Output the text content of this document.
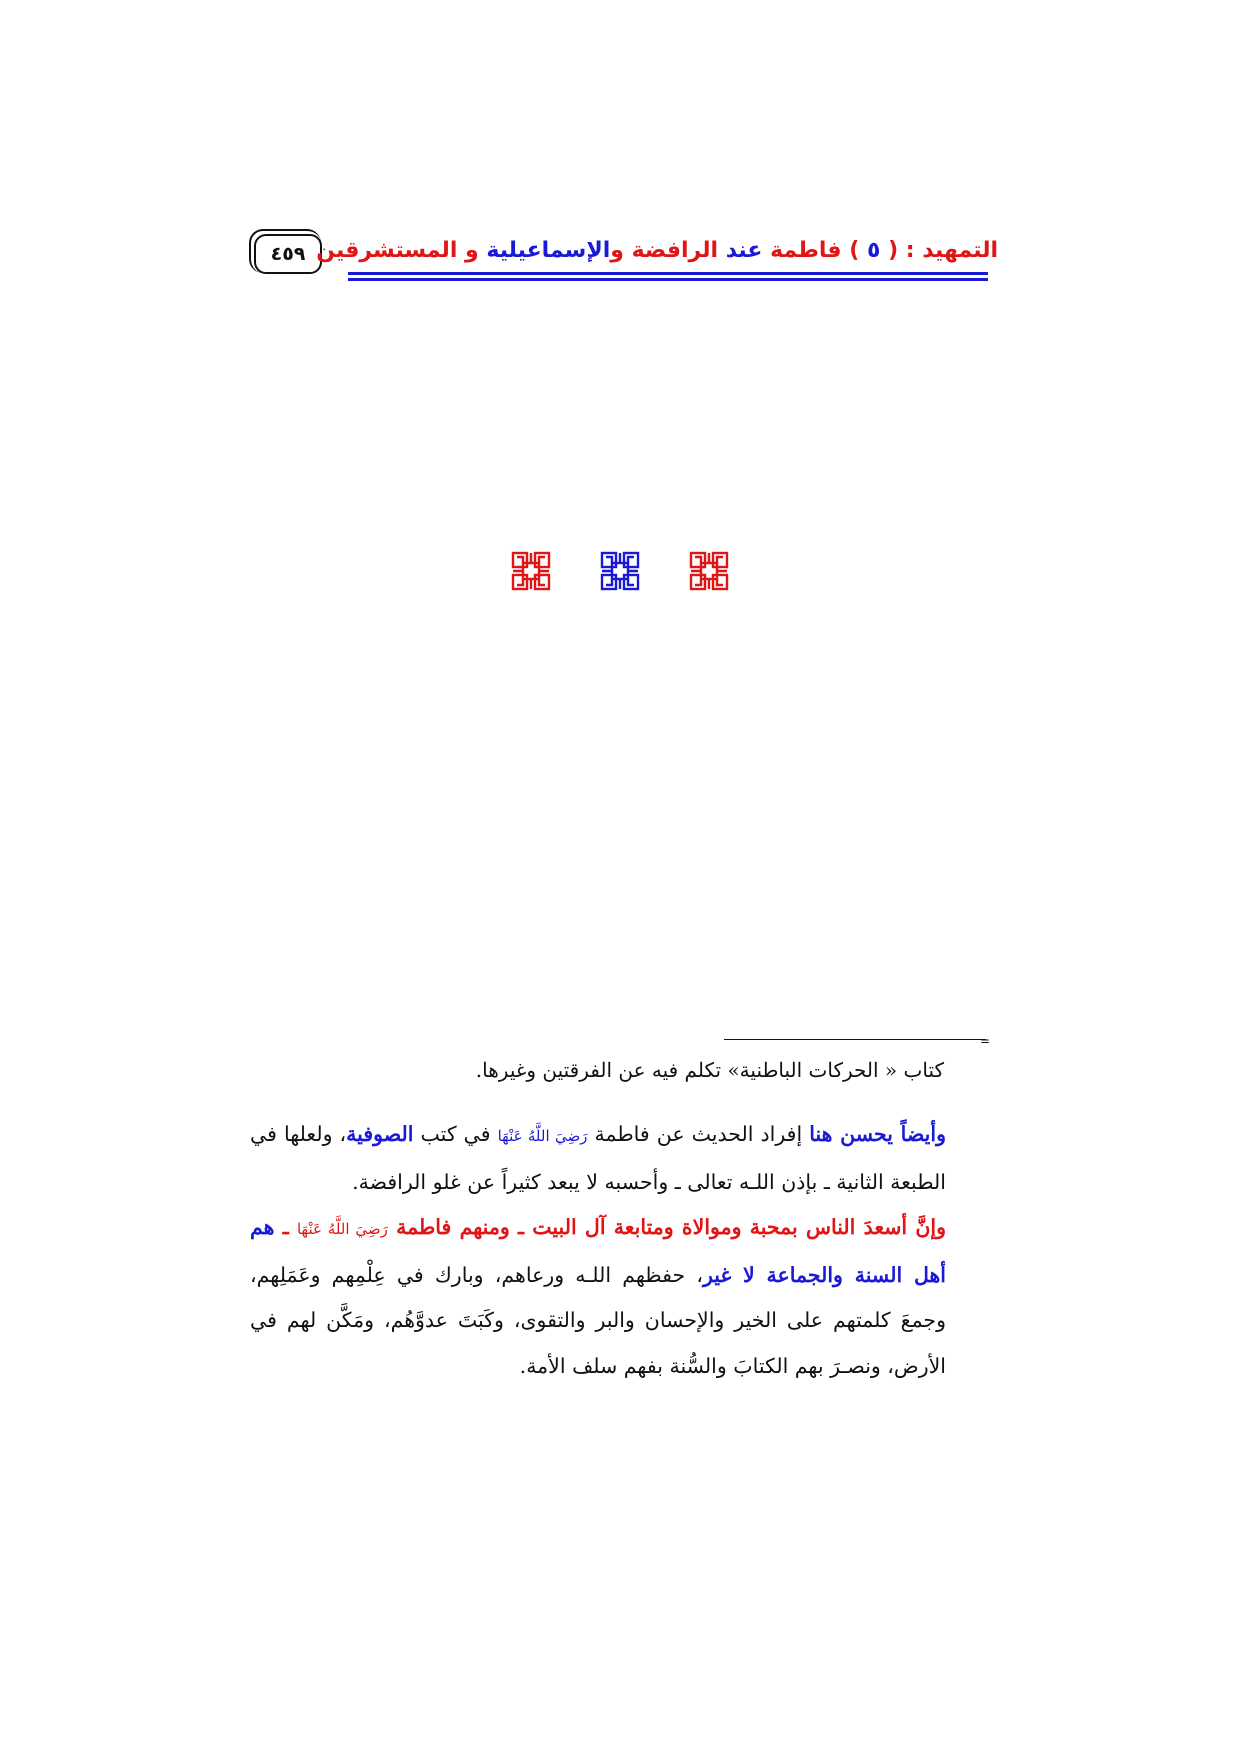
٤٥٩	التمهيد : ( ٥ ) فاطمة عند الرافضة والإسماعيلية و المستشرقين
=
كتاب « الحركات الباطنية» تكلم فيه عن الفرقتين وغيرها.

وأيضاً يحسن هنا إفراد الحديث عن فاطمة رَضِيَ اللَّهُ عَنْهَا في كتب الصوفية، ولعلها في الطبعة الثانية ـ بإذن اللـه تعالى ـ وأحسبه لا يبعد كثيراً عن غلو الرافضة.

وإنَّ أسعدَ الناس بمحبة وموالاة ومتابعة آل البيت ـ ومنهم فاطمة رَضِيَ اللَّهُ عَنْهَا ـ هم أهل السنة والجماعة لا غير، حفظهم اللـه ورعاهم، وبارك في عِلْمِهم وعَمَلِهم، وجمعَ كلمتهم على الخير والإحسان والبر والتقوى، وكَبَتَ عدوَّهُم، ومَكَّن لهم في الأرض، ونصـرَ بهم الكتابَ والسُّنة بفهم سلف الأمة.
